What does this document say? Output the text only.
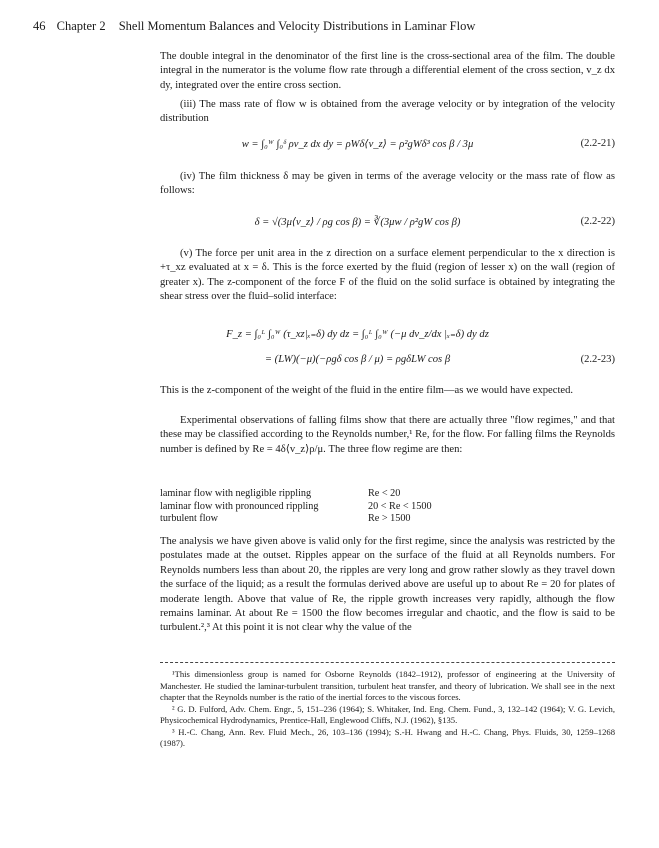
46 Chapter 2 Shell Momentum Balances and Velocity Distributions in Laminar Flow

The double integral in the denominator of the first line is the cross-sectional area of the film. The double integral in the numerator is the volume flow rate through a differential element of the cross section, v_z dx dy, integrated over the entire cross section.

(iii) The mass rate of flow w is obtained from the average velocity or by integration of the velocity distribution

w = ∫₀ᵂ ∫₀ᵟ ρv_z dx dy = ρWδ⟨v_z⟩ = ρ²gWδ³ cos β / 3μ	(2.2-21)

(iv) The film thickness δ may be given in terms of the average velocity or the mass rate of flow as follows:

δ = √(3μ⟨v_z⟩ / ρg cos β) = ∛(3μw / ρ²gW cos β)	(2.2-22)

(v) The force per unit area in the z direction on a surface element perpendicular to the x direction is +τ_xz evaluated at x = δ. This is the force exerted by the fluid (region of lesser x) on the wall (region of greater x). The z-component of the force F of the fluid on the solid surface is obtained by integrating the shear stress over the fluid–solid interface:

F_z = ∫₀ᴸ ∫₀ᵂ (τ_xz|ₓ₌δ) dy dz = ∫₀ᴸ ∫₀ᵂ (−μ dv_z/dx |ₓ₌δ) dy dz
= (LW)(−μ)(−ρgδ cos β / μ) = ρgδLW cos β	(2.2-23)

This is the z-component of the weight of the fluid in the entire film—as we would have expected.

Experimental observations of falling films show that there are actually three "flow regimes," and that these may be classified according to the Reynolds number,¹ Re, for the flow. For falling films the Reynolds number is defined by Re = 4δ⟨v_z⟩ρ/μ. The three flow regime are then:

laminar flow with negligible rippling	Re < 20
laminar flow with pronounced rippling	20 < Re < 1500
turbulent flow	Re > 1500

The analysis we have given above is valid only for the first regime, since the analysis was restricted by the postulates made at the outset. Ripples appear on the surface of the fluid at all Reynolds numbers. For Reynolds numbers less than about 20, the ripples are very long and grow rather slowly as they travel down the surface of the liquid; as a result the formulas derived above are useful up to about Re = 20 for plates of moderate length. Above that value of Re, the ripple growth increases very rapidly, although the flow remains laminar. At about Re = 1500 the flow becomes irregular and chaotic, and the flow is said to be turbulent.²,³ At this point it is not clear why the value of the

¹This dimensionless group is named for Osborne Reynolds (1842–1912), professor of engineering at the University of Manchester. He studied the laminar-turbulent transition, turbulent heat transfer, and theory of lubrication. We shall see in the next chapter that the Reynolds number is the ratio of the inertial forces to the viscous forces.

² G. D. Fulford, Adv. Chem. Engr., 5, 151–236 (1964); S. Whitaker, Ind. Eng. Chem. Fund., 3, 132–142 (1964); V. G. Levich, Physicochemical Hydrodynamics, Prentice-Hall, Englewood Cliffs, N.J. (1962), §135.

³ H.-C. Chang, Ann. Rev. Fluid Mech., 26, 103–136 (1994); S.-H. Hwang and H.-C. Chang, Phys. Fluids, 30, 1259–1268 (1987).
